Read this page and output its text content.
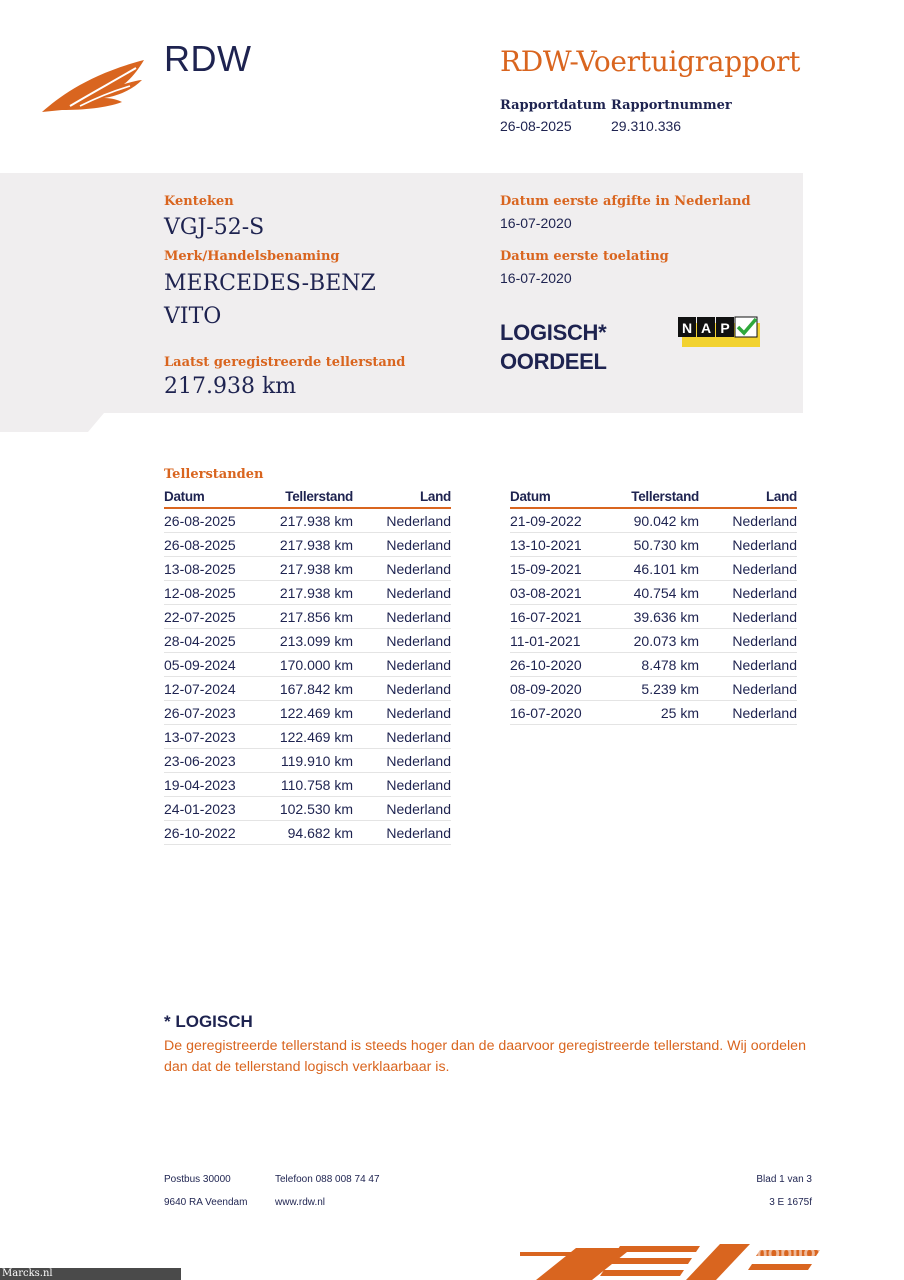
RDW	RDW-Voertuigrapport
Rapportdatum
26-08-2025
Rapportnummer
29.310.336
Kenteken
VGJ-52-S
Merk/Handelsbenaming
MERCEDES-BENZ
VITO
Laatst geregistreerde tellerstand
217.938 km
Datum eerste afgifte in Nederland
16-07-2020
Datum eerste toelating
16-07-2020
LOGISCH*
OORDEEL
N A P
Tellerstanden
Datum	Tellerstand	Land
26-08-2025	217.938 km	Nederland
26-08-2025	217.938 km	Nederland
13-08-2025	217.938 km	Nederland
12-08-2025	217.938 km	Nederland
22-07-2025	217.856 km	Nederland
28-04-2025	213.099 km	Nederland
05-09-2024	170.000 km	Nederland
12-07-2024	167.842 km	Nederland
26-07-2023	122.469 km	Nederland
13-07-2023	122.469 km	Nederland
23-06-2023	119.910 km	Nederland
19-04-2023	110.758 km	Nederland
24-01-2023	102.530 km	Nederland
26-10-2022	94.682 km	Nederland
Datum	Tellerstand	Land
21-09-2022	90.042 km	Nederland
13-10-2021	50.730 km	Nederland
15-09-2021	46.101 km	Nederland
03-08-2021	40.754 km	Nederland
16-07-2021	39.636 km	Nederland
11-01-2021	20.073 km	Nederland
26-10-2020	8.478 km	Nederland
08-09-2020	5.239 km	Nederland
16-07-2020	25 km	Nederland
* LOGISCH
De geregistreerde tellerstand is steeds hoger dan de daarvoor geregistreerde tellerstand. Wij oordelen dan dat de tellerstand logisch verklaarbaar is.
Postbus 30000
9640 RA Veendam
Telefoon 088 008 74 47
www.rdw.nl
Blad 1 van 3
3 E 1675f
mobilox
Marcks.nl
